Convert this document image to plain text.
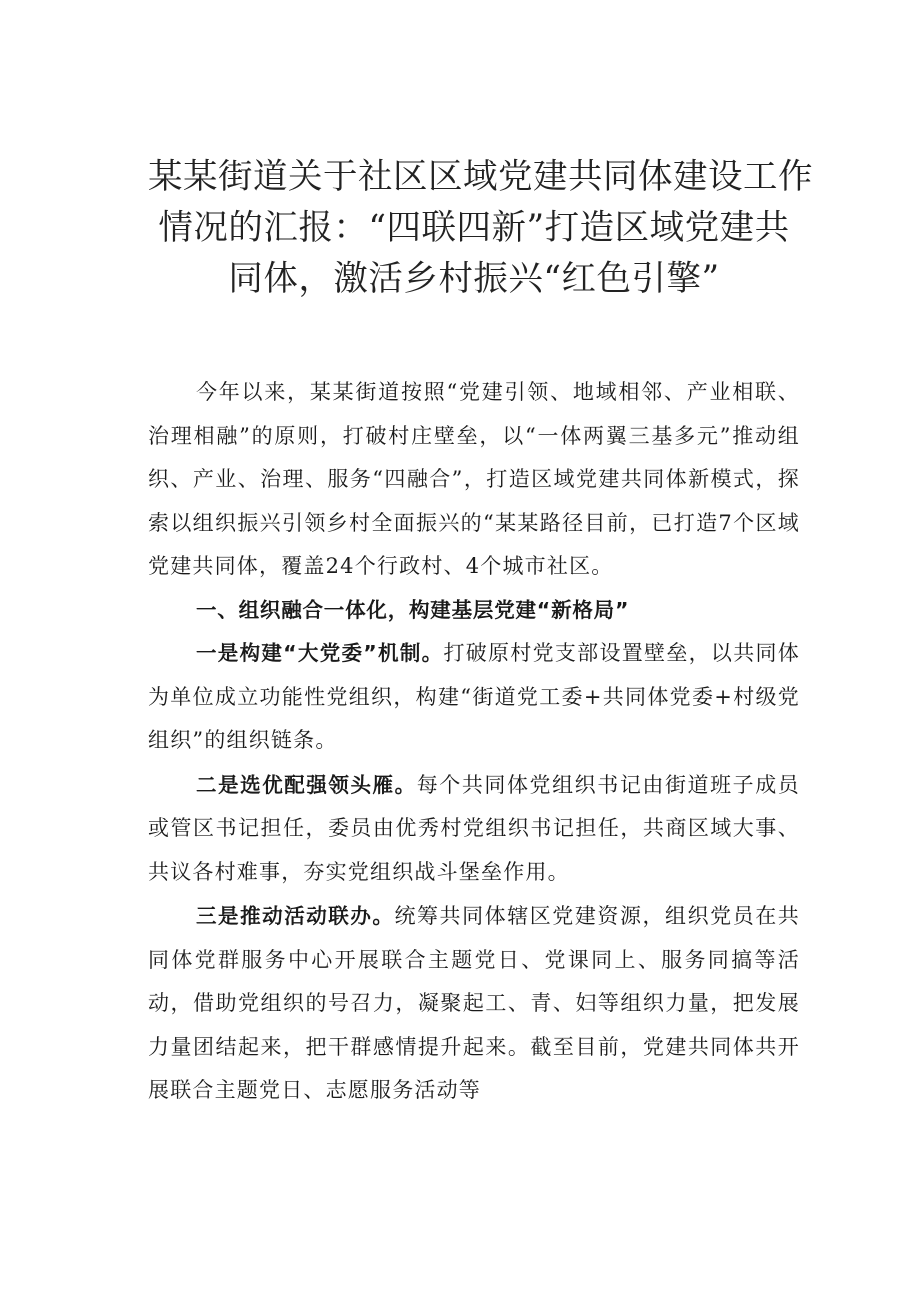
某某街道关于社区区域党建共同体建设工作
情况的汇报：“四联四新”打造区域党建共
同体，激活乡村振兴“红色引擎”

今年以来，某某街道按照“党建引领、地域相邻、产业相联、治理相融”的原则，打破村庄壁垒，以“一体两翼三基多元”推动组织、产业、治理、服务“四融合”，打造区域党建共同体新模式，探索以组织振兴引领乡村全面振兴的“某某路径目前，已打造7个区域党建共同体，覆盖24个行政村、4个城市社区。

一、组织融合一体化，构建基层党建“新格局”

一是构建“大党委”机制。打破原村党支部设置壁垒，以共同体为单位成立功能性党组织，构建“街道党工委+共同体党委+村级党组织”的组织链条。

二是选优配强领头雁。每个共同体党组织书记由街道班子成员或管区书记担任，委员由优秀村党组织书记担任，共商区域大事、共议各村难事，夯实党组织战斗堡垒作用。

三是推动活动联办。统筹共同体辖区党建资源，组织党员在共同体党群服务中心开展联合主题党日、党课同上、服务同搞等活动，借助党组织的号召力，凝聚起工、青、妇等组织力量，把发展力量团结起来，把干群感情提升起来。截至目前，党建共同体共开展联合主题党日、志愿服务活动等
